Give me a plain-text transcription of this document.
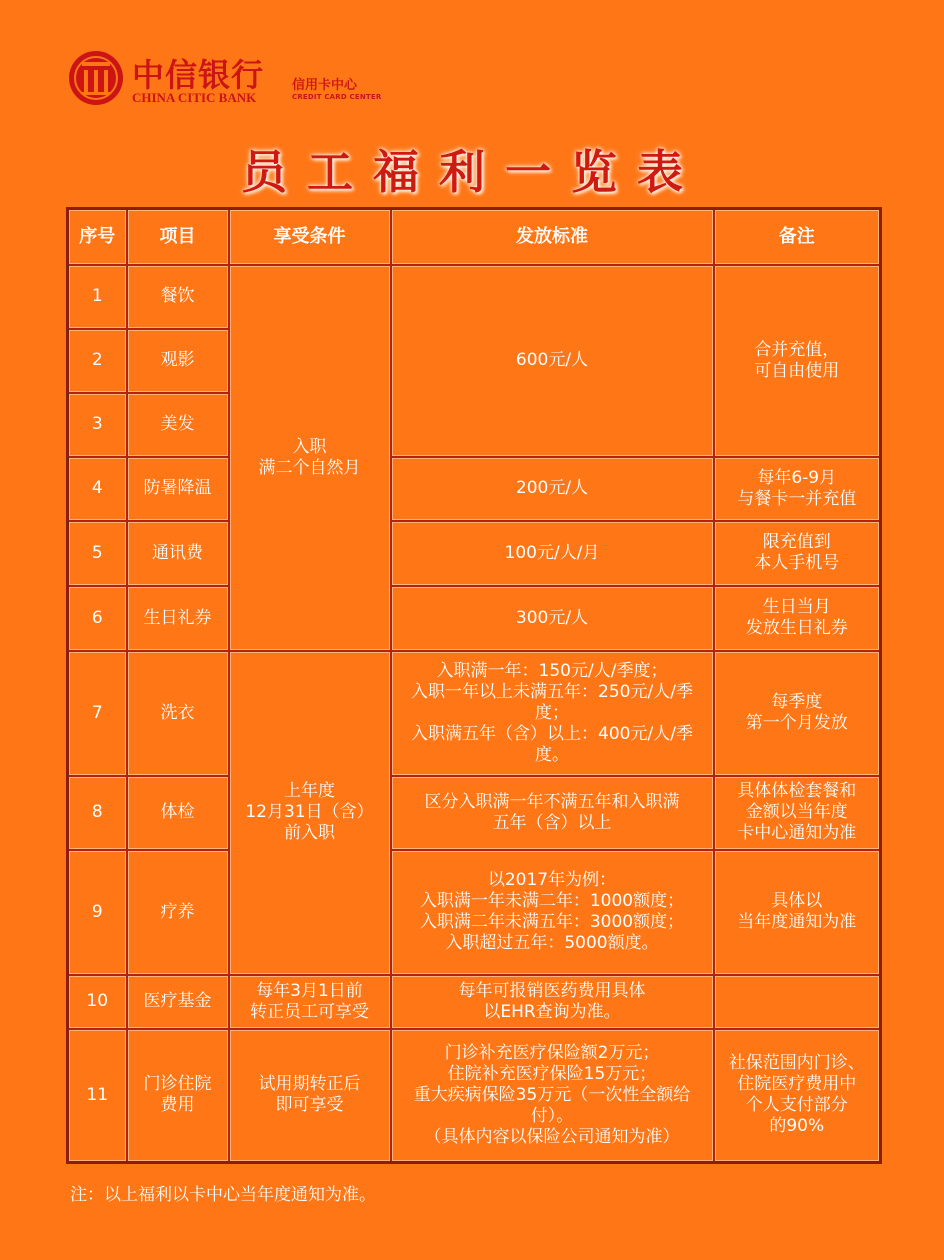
中信银行
CHINA CITIC BANK
信用卡中心
CREDIT CARD CENTER
员工福利一览表
序号	项目	享受条件	发放标准	备注
1	餐饮	入职
满二个自然月	600元/人	合并充值，
可自由使用
2	观影			
3	美发			
4	防暑降温		200元/人	每年6-9月
与餐卡一并充值
5	通讯费		100元/人/月	限充值到
本人手机号
6	生日礼券		300元/人	生日当月
发放生日礼券
7	洗衣	上年度
12月31日（含）
前入职	入职满一年：150元/人/季度；
入职一年以上未满五年：250元/人/季度；
入职满五年（含）以上：400元/人/季度。	每季度
第一个月发放
8	体检		区分入职满一年不满五年和入职满
五年（含）以上	具体体检套餐和
金额以当年度
卡中心通知为准
9	疗养		以2017年为例：
入职满一年未满二年：1000额度；
入职满二年未满五年：3000额度；
入职超过五年：5000额度。	具体以
当年度通知为准
10	医疗基金	每年3月1日前
转正员工可享受	每年可报销医药费用具体
以EHR查询为准。	
11	门诊住院
费用	试用期转正后
即可享受	门诊补充医疗保险额2万元；
住院补充医疗保险15万元；
重大疾病保险35万元（一次性全额给付）。
（具体内容以保险公司通知为准）	社保范围内门诊、
住院医疗费用中
个人支付部分
的90%
注：以上福利以卡中心当年度通知为准。
